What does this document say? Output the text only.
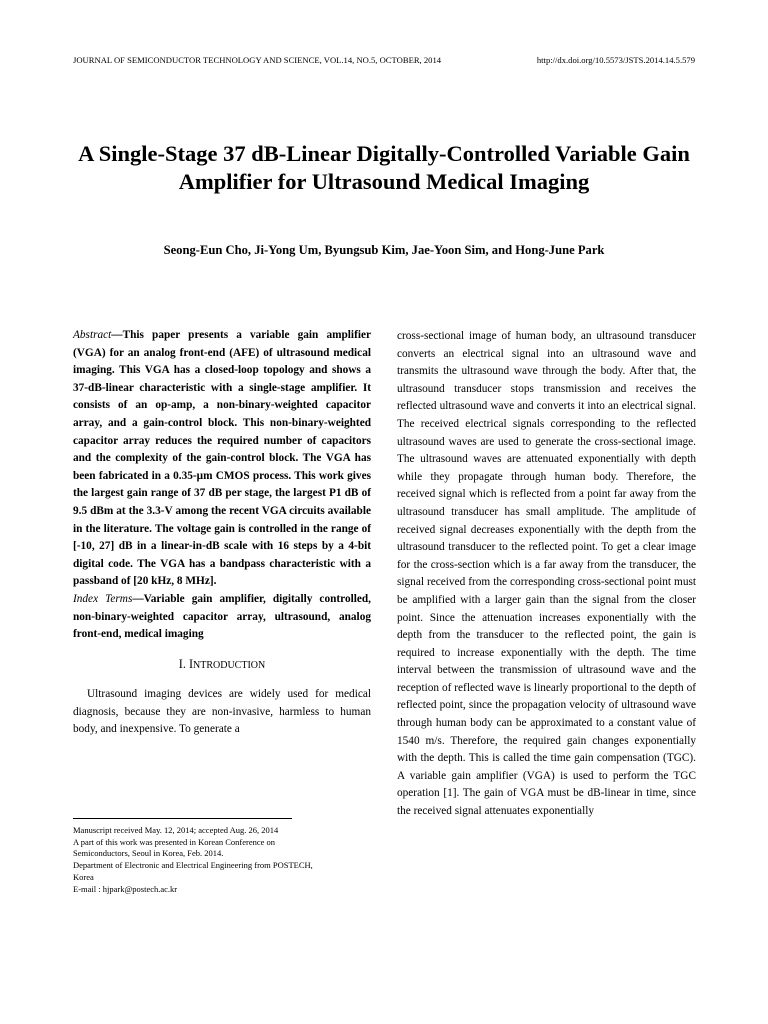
JOURNAL OF SEMICONDUCTOR TECHNOLOGY AND SCIENCE, VOL.14, NO.5, OCTOBER, 2014	http://dx.doi.org/10.5573/JSTS.2014.14.5.579
A Single-Stage 37 dB-Linear Digitally-Controlled Variable Gain Amplifier for Ultrasound Medical Imaging
Seong-Eun Cho, Ji-Yong Um, Byungsub Kim, Jae-Yoon Sim, and Hong-June Park

Abstract—This paper presents a variable gain amplifier (VGA) for an analog front-end (AFE) of ultrasound medical imaging. This VGA has a closed-loop topology and shows a 37-dB-linear characteristic with a single-stage amplifier. It consists of an op-amp, a non-binary-weighted capacitor array, and a gain-control block. This non-binary-weighted capacitor array reduces the required number of capacitors and the complexity of the gain-control block. The VGA has been fabricated in a 0.35-μm CMOS process. This work gives the largest gain range of 37 dB per stage, the largest P1 dB of 9.5 dBm at the 3.3-V among the recent VGA circuits available in the literature. The voltage gain is controlled in the range of [-10, 27] dB in a linear-in-dB scale with 16 steps by a 4-bit digital code. The VGA has a bandpass characteristic with a passband of [20 kHz, 8 MHz].

Index Terms—Variable gain amplifier, digitally controlled, non-binary-weighted capacitor array, ultrasound, analog front-end, medical imaging

I. INTRODUCTION

Ultrasound imaging devices are widely used for medical diagnosis, because they are non-invasive, harmless to human body, and inexpensive. To generate a

cross-sectional image of human body, an ultrasound transducer converts an electrical signal into an ultrasound wave and transmits the ultrasound wave through the body. After that, the ultrasound transducer stops transmission and receives the reflected ultrasound wave and converts it into an electrical signal. The received electrical signals corresponding to the reflected ultrasound waves are used to generate the cross-sectional image. The ultrasound waves are attenuated exponentially with depth while they propagate through human body. Therefore, the received signal which is reflected from a point far away from the ultrasound transducer has small amplitude. The amplitude of received signal decreases exponentially with the depth from the ultrasound transducer to the reflected point. To get a clear image for the cross-section which is a far away from the transducer, the signal received from the corresponding cross-sectional point must be amplified with a larger gain than the signal from the closer point. Since the attenuation increases exponentially with the depth from the transducer to the reflected point, the gain is required to increase exponentially with the depth. The time interval between the transmission of ultrasound wave and the reception of reflected wave is linearly proportional to the depth of reflected point, since the propagation velocity of ultrasound wave through human body can be approximated to a constant value of 1540 m/s. Therefore, the required gain changes exponentially with the depth. This is called the time gain compensation (TGC). A variable gain amplifier (VGA) is used to perform the TGC operation [1]. The gain of VGA must be dB-linear in time, since the received signal attenuates exponentially

Manuscript received May. 12, 2014; accepted Aug. 26, 2014
A part of this work was presented in Korean Conference on
Semiconductors, Seoul in Korea, Feb. 2014.
Department of Electronic and Electrical Engineering from POSTECH,
Korea
E-mail : hjpark@postech.ac.kr
